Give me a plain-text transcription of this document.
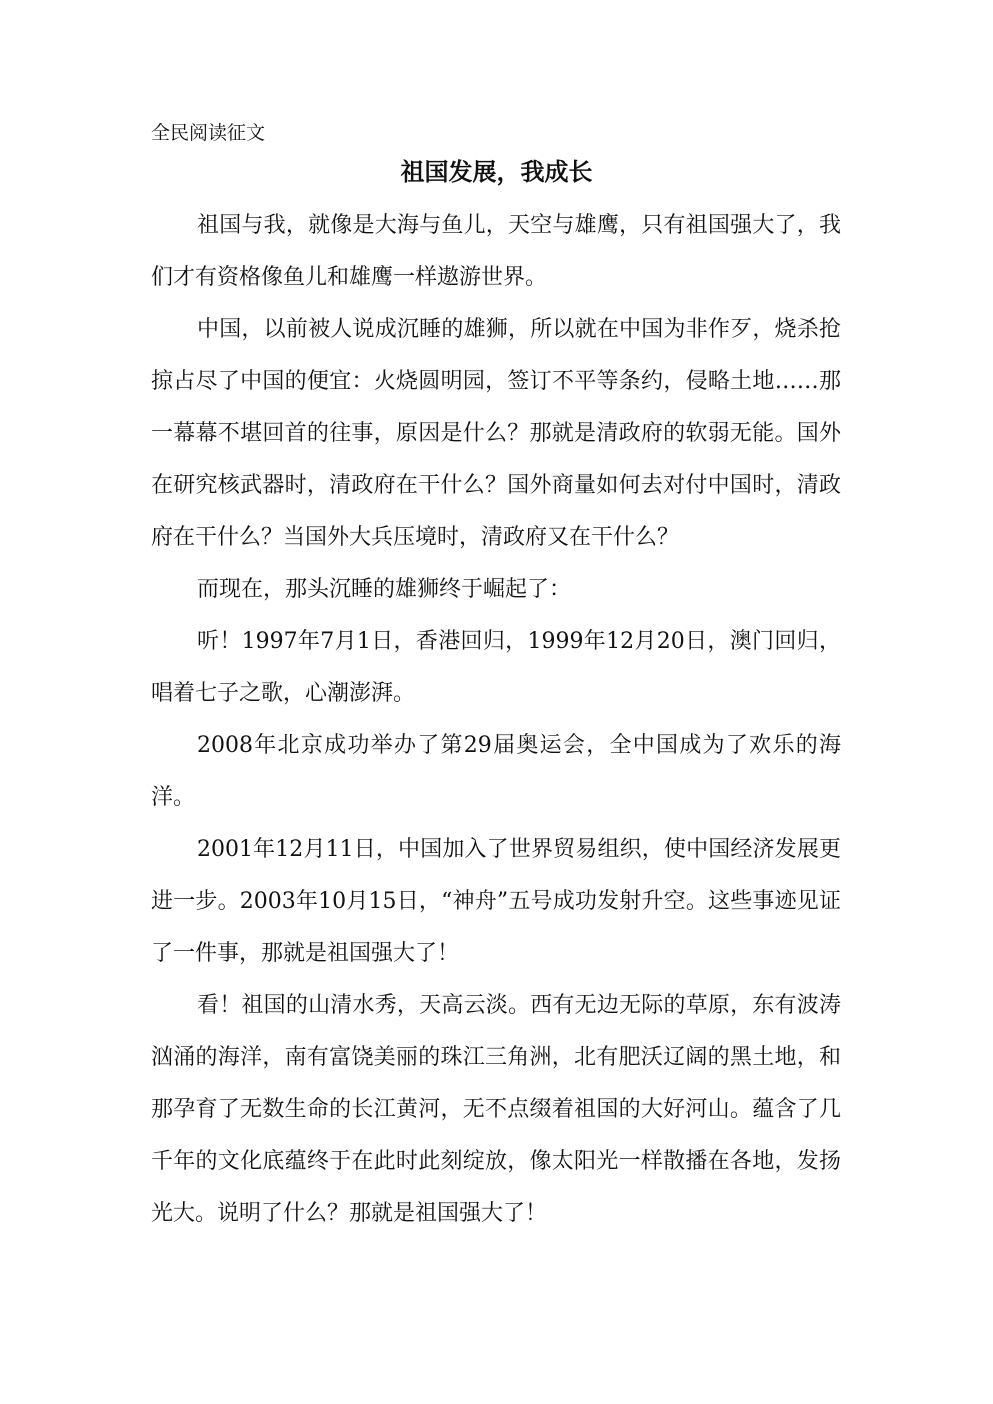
全民阅读征文

祖国发展，我成长

祖国与我，就像是大海与鱼儿，天空与雄鹰，只有祖国强大了，我们才有资格像鱼儿和雄鹰一样遨游世界。

中国，以前被人说成沉睡的雄狮，所以就在中国为非作歹，烧杀抢掠占尽了中国的便宜：火烧圆明园，签订不平等条约，侵略土地……那一幕幕不堪回首的往事，原因是什么？那就是清政府的软弱无能。国外在研究核武器时，清政府在干什么？国外商量如何去对付中国时，清政府在干什么？当国外大兵压境时，清政府又在干什么？

而现在，那头沉睡的雄狮终于崛起了：

听！1997年7月1日，香港回归，1999年12月20日，澳门回归，唱着七子之歌，心潮澎湃。

2008年北京成功举办了第29届奥运会，全中国成为了欢乐的海洋。

2001年12月11日，中国加入了世界贸易组织，使中国经济发展更进一步。2003年10月15日，“神舟”五号成功发射升空。这些事迹见证了一件事，那就是祖国强大了！

看！祖国的山清水秀，天高云淡。西有无边无际的草原，东有波涛汹涌的海洋，南有富饶美丽的珠江三角洲，北有肥沃辽阔的黑土地，和那孕育了无数生命的长江黄河，无不点缀着祖国的大好河山。蕴含了几千年的文化底蕴终于在此时此刻绽放，像太阳光一样散播在各地，发扬光大。说明了什么？那就是祖国强大了！
